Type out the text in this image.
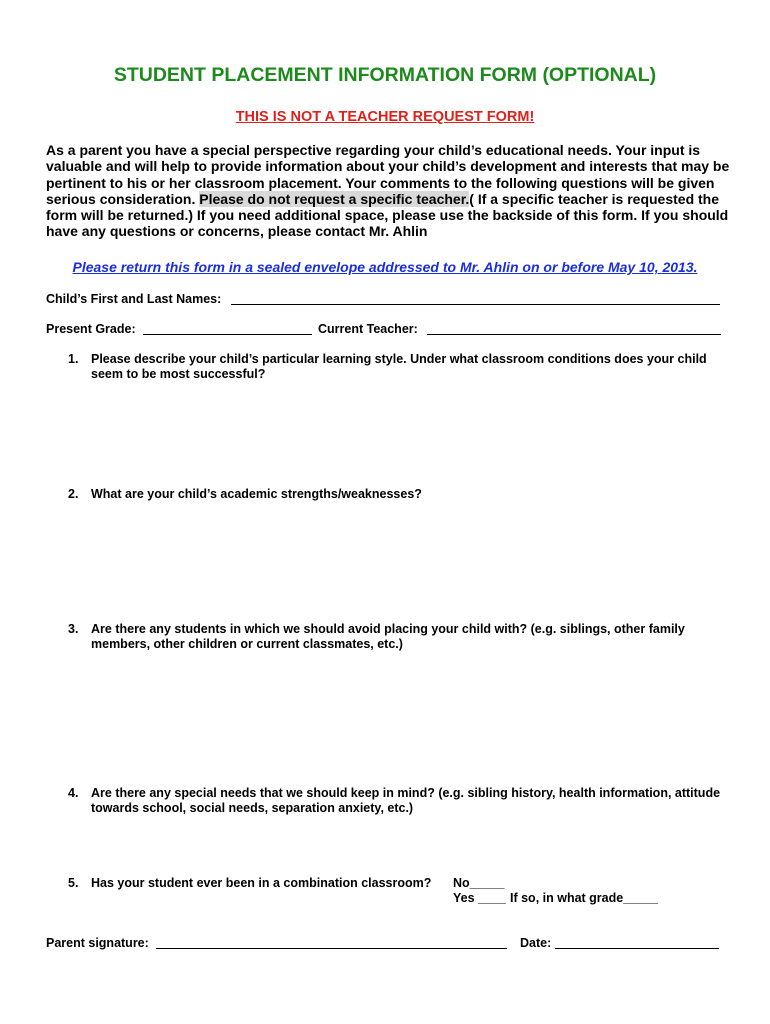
STUDENT PLACEMENT INFORMATION FORM (OPTIONAL)
THIS IS NOT A TEACHER REQUEST FORM!
As a parent you have a special perspective regarding your child’s educational needs. Your input is valuable and will help to provide information about your child’s development and interests that may be pertinent to his or her classroom placement. Your comments to the following questions will be given serious consideration. Please do not request a specific teacher.( If a specific teacher is requested the form will be returned.) If you need additional space, please use the backside of this form. If you should have any questions or concerns, please contact Mr. Ahlin
Please return this form in a sealed envelope addressed to Mr. Ahlin on or before May 10, 2013.
Child’s First and Last Names:
Present Grade:	Current Teacher:
1. Please describe your child’s particular learning style. Under what classroom conditions does your child seem to be most successful?
2. What are your child’s academic strengths/weaknesses?
3. Are there any students in which we should avoid placing your child with? (e.g. siblings, other family members, other children or current classmates, etc.)
4. Are there any special needs that we should keep in mind? (e.g. sibling history, health information, attitude towards school, social needs, separation anxiety, etc.)
5. Has your student ever been in a combination classroom?	No_____
Yes ____ If so, in what grade_____
Parent signature:	Date:
